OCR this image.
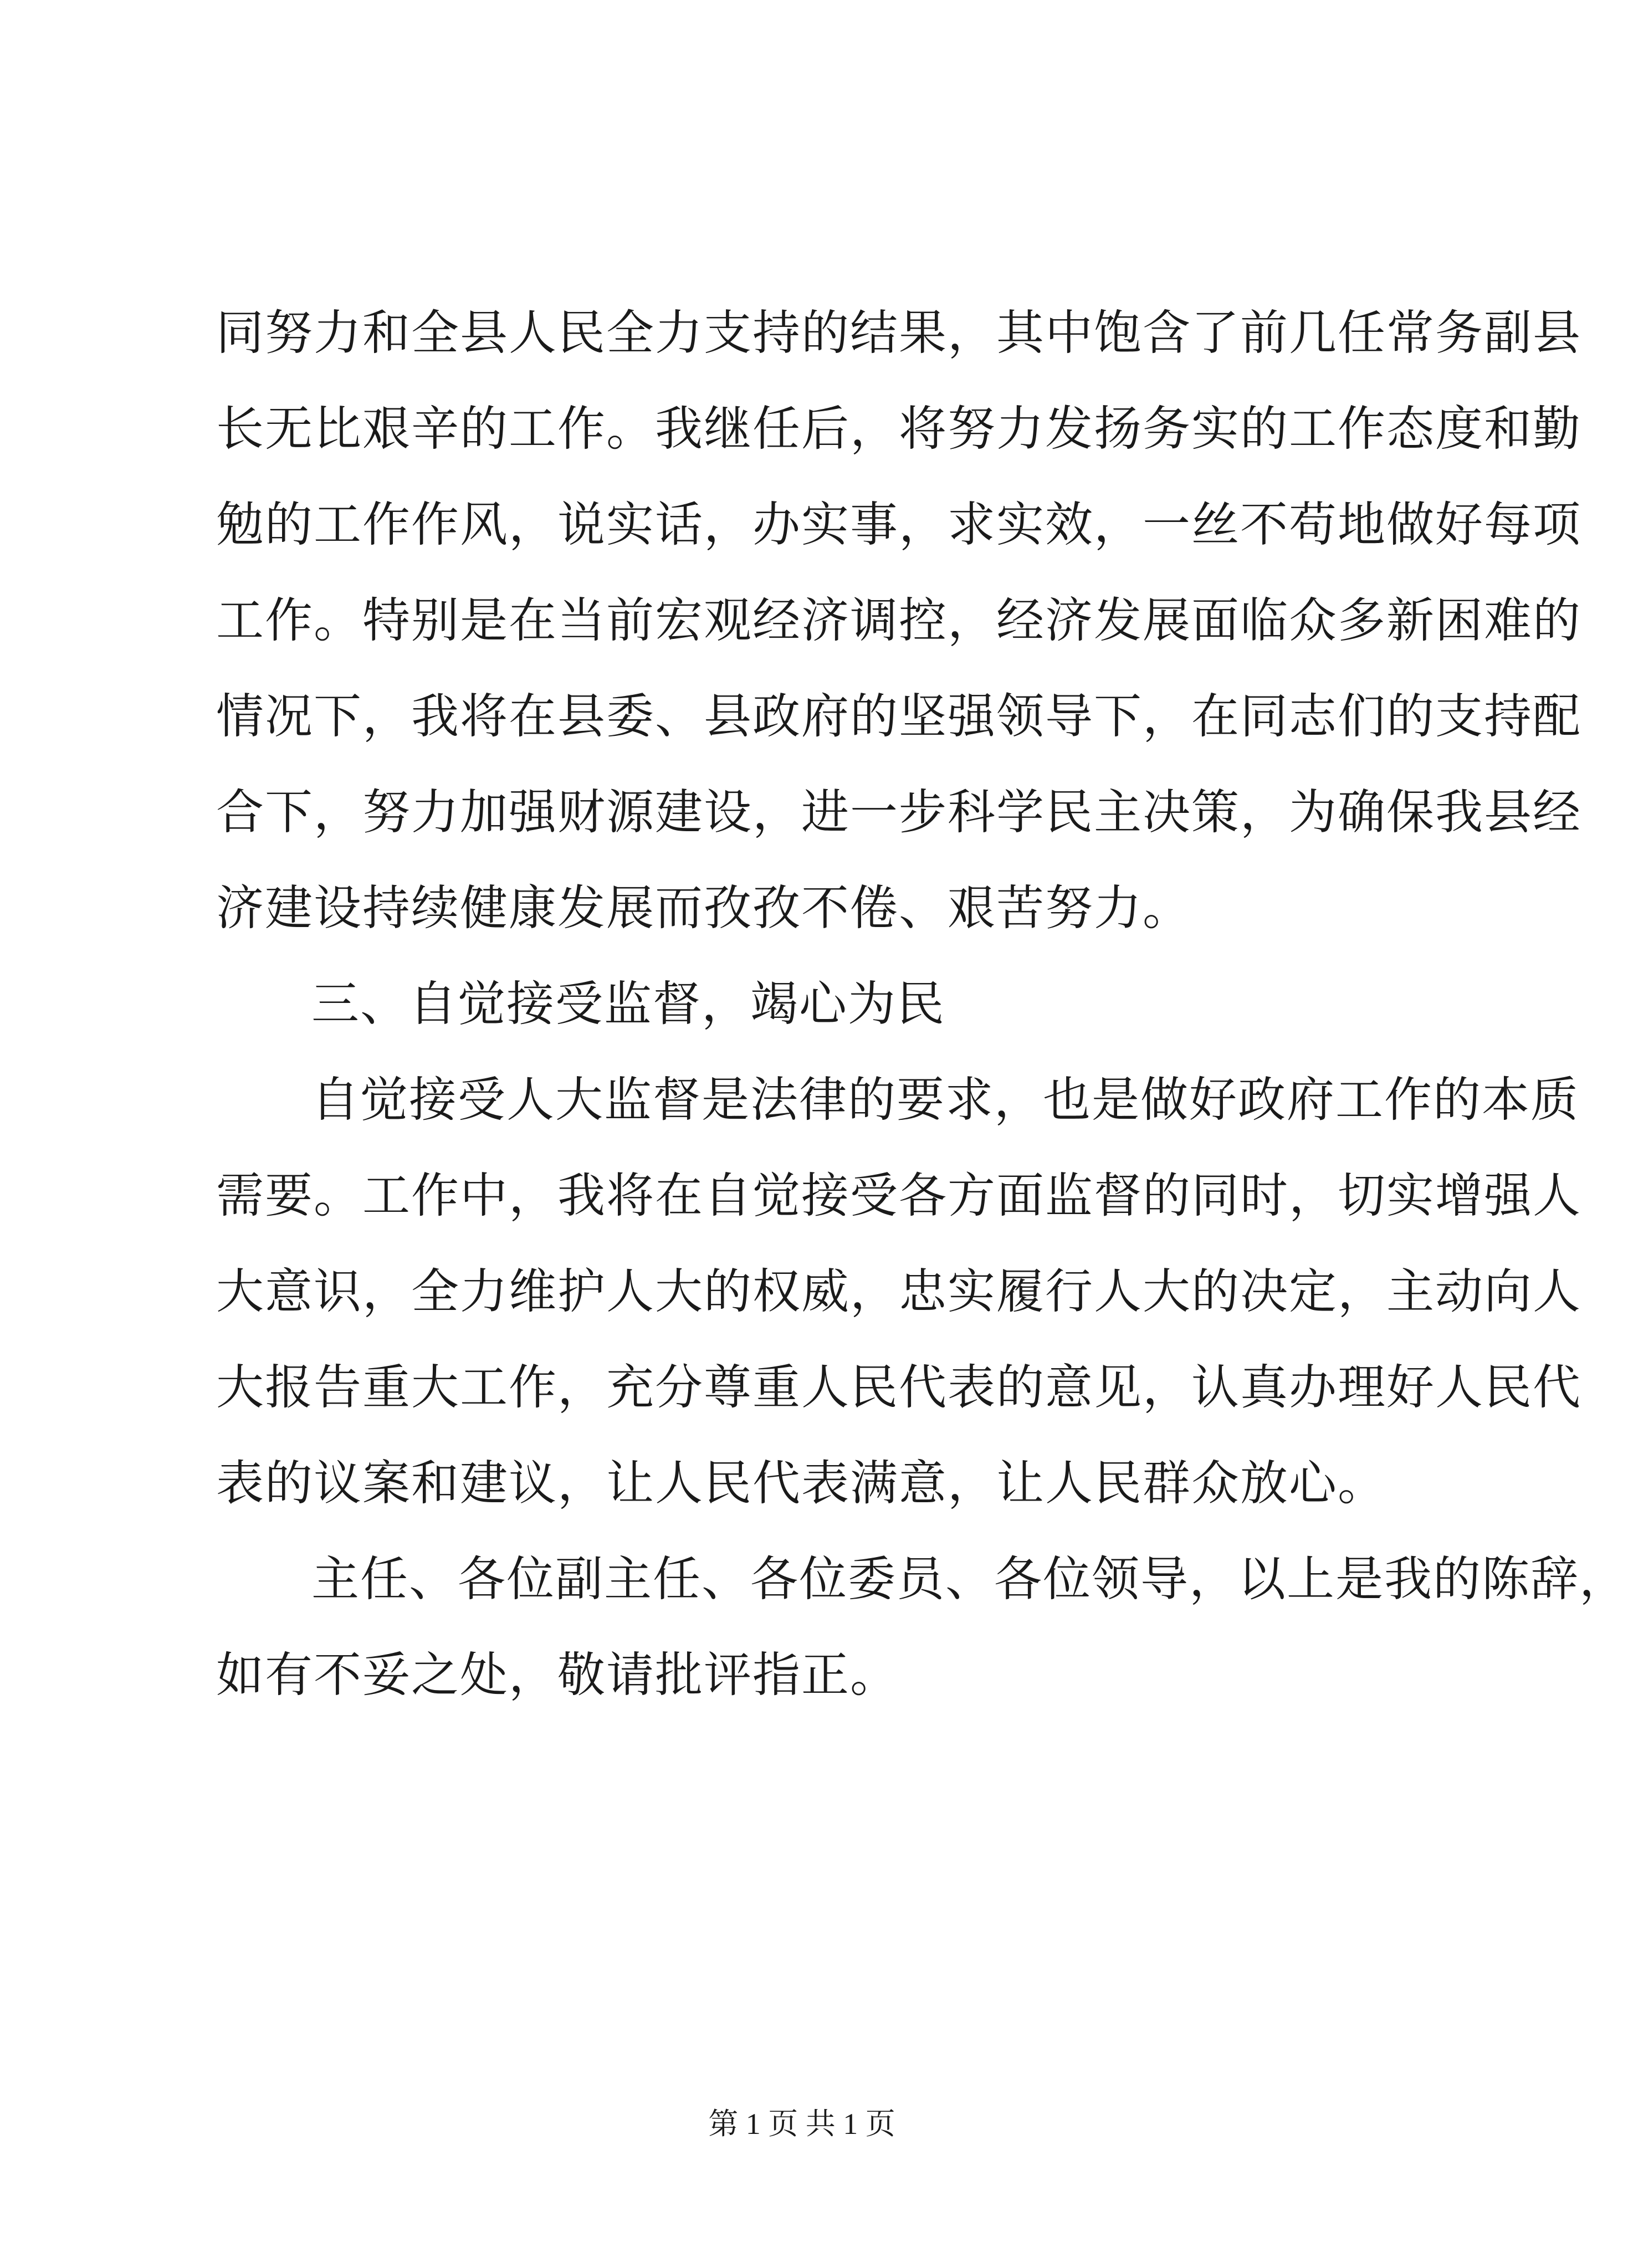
同努力和全县人民全力支持的结果，其中饱含了前几任常务副县
长无比艰辛的工作。我继任后，将努力发扬务实的工作态度和勤
勉的工作作风，说实话，办实事，求实效，一丝不苟地做好每项
工作。特别是在当前宏观经济调控，经济发展面临众多新困难的
情况下，我将在县委、县政府的坚强领导下，在同志们的支持配
合下，努力加强财源建设，进一步科学民主决策，为确保我县经
济建设持续健康发展而孜孜不倦、艰苦努力。
三、自觉接受监督，竭心为民
自觉接受人大监督是法律的要求，也是做好政府工作的本质
需要。工作中，我将在自觉接受各方面监督的同时，切实增强人
大意识，全力维护人大的权威，忠实履行人大的决定，主动向人
大报告重大工作，充分尊重人民代表的意见，认真办理好人民代
表的议案和建议，让人民代表满意，让人民群众放心。
主任、各位副主任、各位委员、各位领导，以上是我的陈辞，
如有不妥之处，敬请批评指正。
第 1 页 共 1 页
